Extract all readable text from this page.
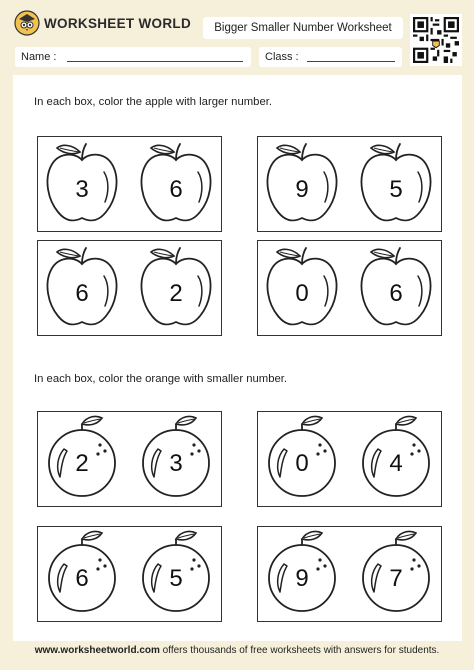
WORKSHEET WORLD	Bigger Smaller Number Worksheet
Name :	Class :
In each box, color the apple with larger number.
www.worksheetworld.com offers thousands of free worksheets with answers for students.
In each box, color the orange with smaller number.
3	6	9	5
6	2	0	6
2	3	0	4
6	5	9	7
